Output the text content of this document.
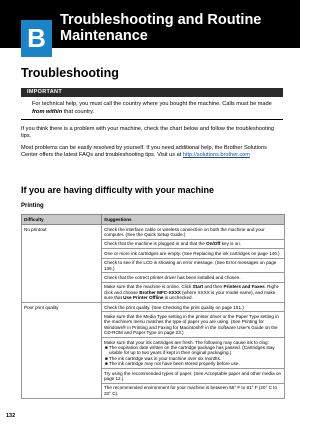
B
Troubleshooting and Routine
Maintenance
Troubleshooting
IMPORTANT
For technical help, you must call the country where you bought the machine. Calls must be made from within that country.
If you think there is a problem with your machine, check the chart below and follow the troubleshooting tips.
Most problems can be easily resolved by yourself. If you need additional help, the Brother Solutions Center offers the latest FAQs and troubleshooting tips. Visit us at http://solutions.brother.com
If you are having difficulty with your machine
Printing
Difficulty	Suggestions
No printout	Check the interface cable or wireless connection on both the machine and your computer. (See the Quick Setup Guide.)
	Check that the machine is plugged in and that the On/Off key is on.
	One or more ink cartridges are empty. (See Replacing the ink cartridges on page 146.)
	Check to see if the LCD is showing an error message. (See Error messages on page 136.)
	Check that the correct printer driver has been installed and chosen.
	Make sure that the machine is online. Click Start and then Printers and Faxes. Right-click and choose Brother MFC-XXXX (where XXXX is your model name), and make sure that Use Printer Offline is unchecked.
Poor print quality	Check the print quality. (See Checking the print quality on page 151.)
	Make sure that the Media Type setting in the printer driver or the Paper Type setting in the machine's menu matches the type of paper you are using. (See Printing for Windows® in Printing and Faxing for Macintosh® in the Software User's Guide on the CD-ROM and Paper Type on page 23.)
	Make sure that your ink cartridges are fresh. The following may cause ink to clog:
■ The expiration date written on the cartridge package has passed. (Cartridges stay usable for up to two years if kept in their original packaging.)
■ The ink cartridge was in your machine over six months.
■ The ink cartridge may not have been stored properly before use.

	Try using the recommended types of paper. (See Acceptable paper and other media on page 12.)
	The recommended environment for your machine is between 68° F to 91° F (20° C to 33° C).
132
